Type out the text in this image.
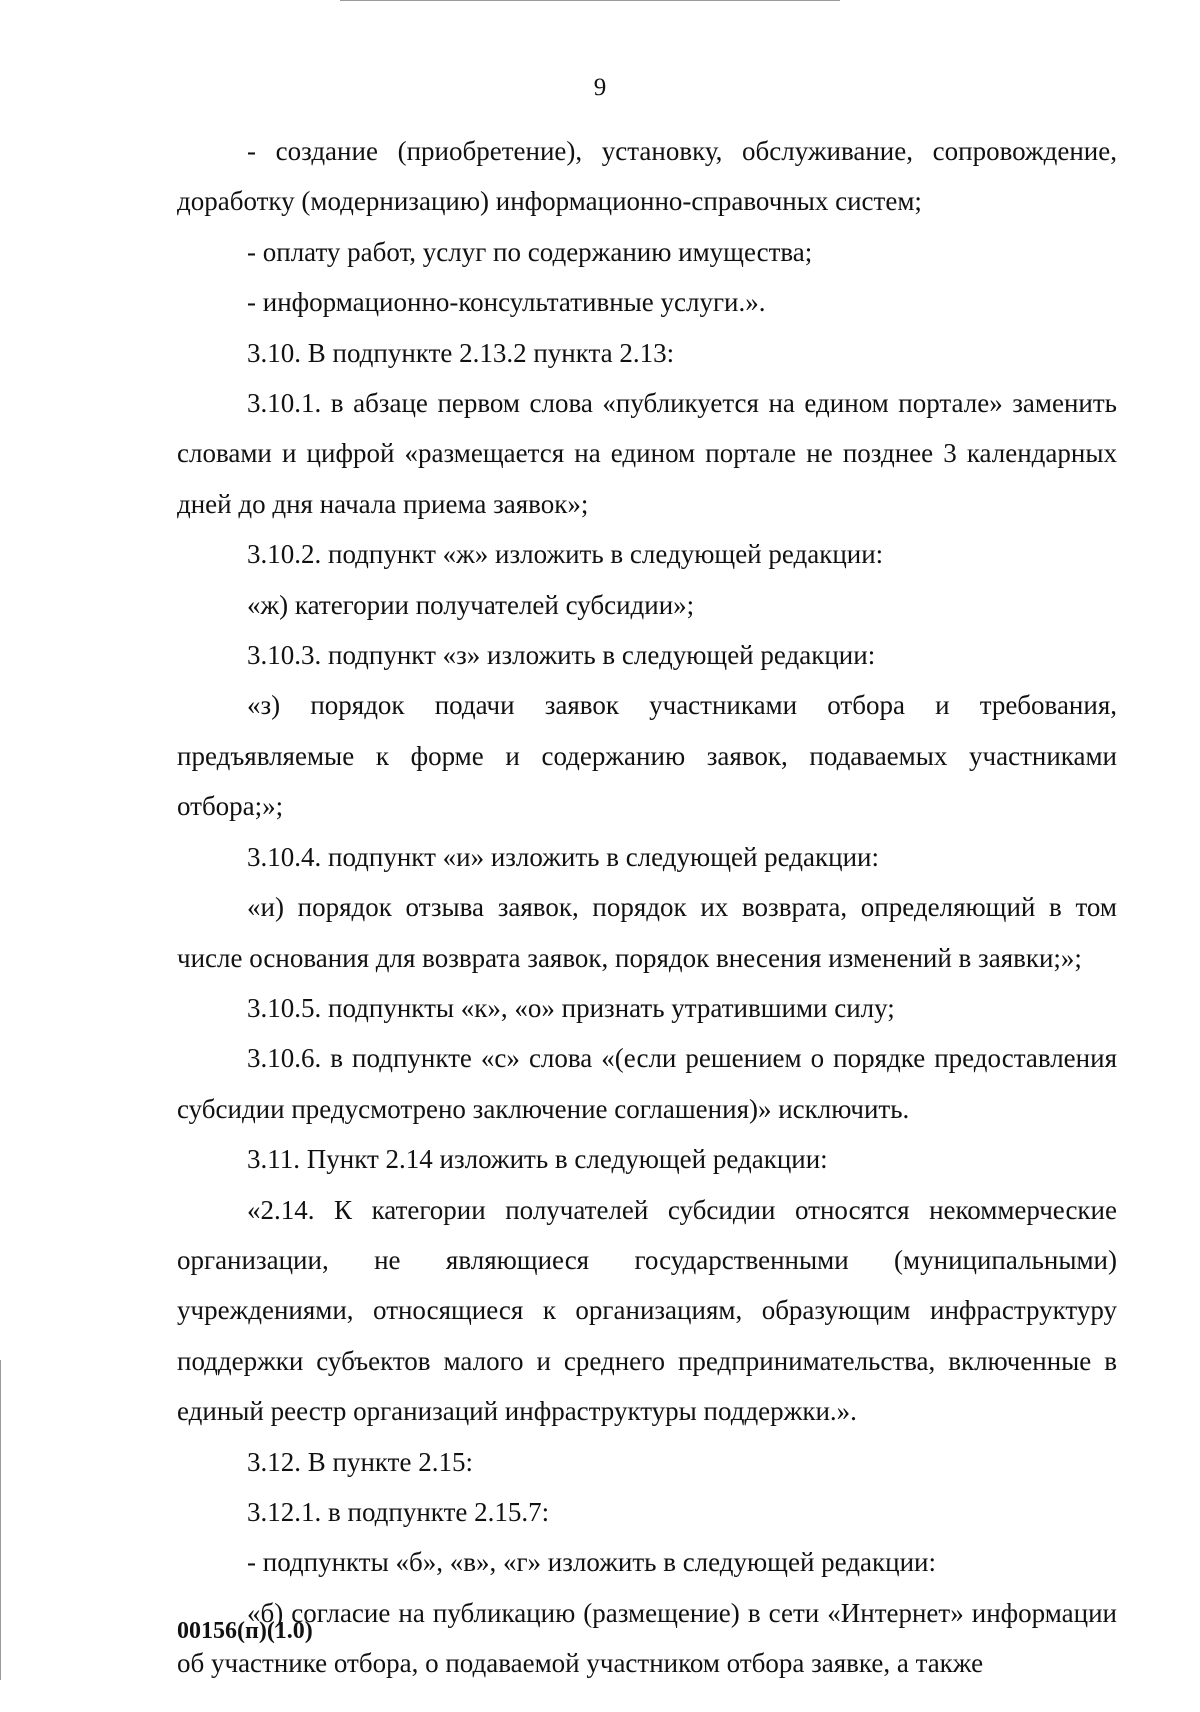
9

- создание (приобретение), установку, обслуживание, сопровождение, доработку (модернизацию) информационно-справочных систем;

- оплату работ, услуг по содержанию имущества;

- информационно-консультативные услуги.».

3.10. В подпункте 2.13.2 пункта 2.13:

3.10.1. в абзаце первом слова «публикуется на едином портале» заменить словами и цифрой «размещается на едином портале не позднее 3 календарных дней до дня начала приема заявок»;

3.10.2. подпункт «ж» изложить в следующей редакции:

«ж) категории получателей субсидии»;

3.10.3. подпункт «з» изложить в следующей редакции:

«з) порядок подачи заявок участниками отбора и требования, предъявляемые к форме и содержанию заявок, подаваемых участниками отбора;»;

3.10.4. подпункт «и» изложить в следующей редакции:

«и) порядок отзыва заявок, порядок их возврата, определяющий в том числе основания для возврата заявок, порядок внесения изменений в заявки;»;

3.10.5. подпункты «к», «о» признать утратившими силу;

3.10.6. в подпункте «с» слова «(если решением о порядке предоставления субсидии предусмотрено заключение соглашения)» исключить.

3.11. Пункт 2.14 изложить в следующей редакции:

«2.14. К категории получателей субсидии относятся некоммерческие организации, не являющиеся государственными (муниципальными) учреждениями, относящиеся к организациям, образующим инфраструктуру поддержки субъектов малого и среднего предпринимательства, включенные в единый реестр организаций инфраструктуры поддержки.».

3.12. В пункте 2.15:

3.12.1. в подпункте 2.15.7:

- подпункты «б», «в», «г» изложить в следующей редакции:

«б) согласие на публикацию (размещение) в сети «Интернет» информации об участнике отбора, о подаваемой участником отбора заявке, а также

00156(п)(1.0)
